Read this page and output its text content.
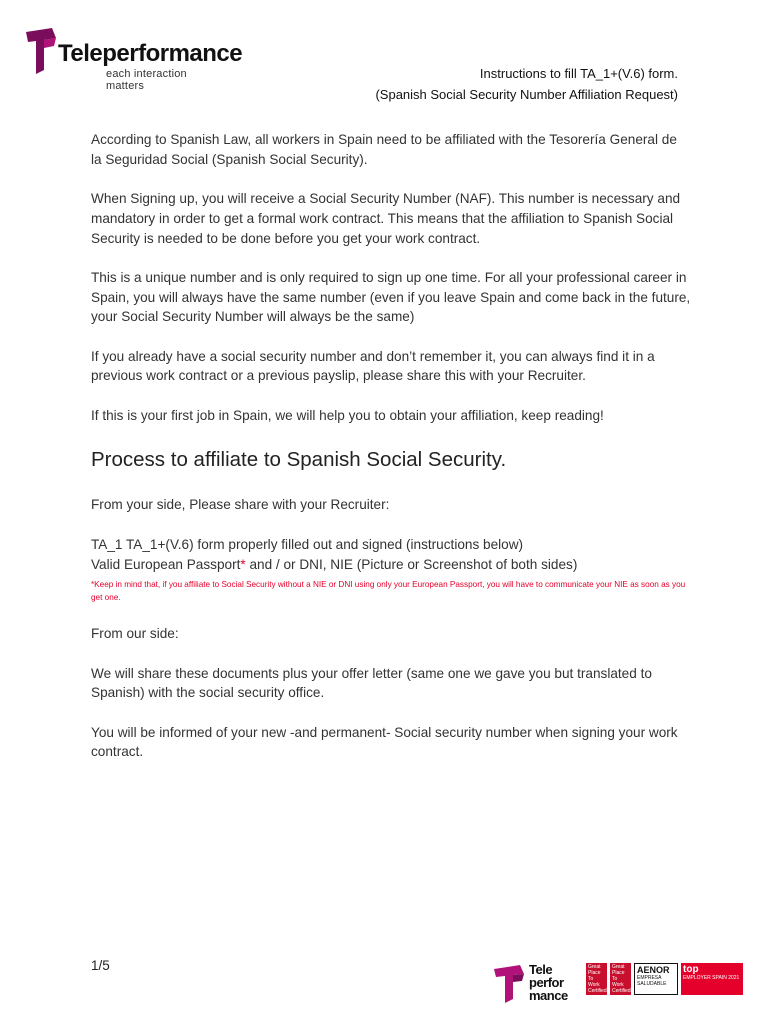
Teleperformance
each interaction matters
Instructions to fill TA_1+(V.6) form.
(Spanish Social Security Number Affiliation Request)

According to Spanish Law, all workers in Spain need to be affiliated with the Tesorería General de la Seguridad Social (Spanish Social Security).

When Signing up, you will receive a Social Security Number (NAF). This number is necessary and mandatory in order to get a formal work contract. This means that the affiliation to Spanish Social Security is needed to be done before you get your work contract.

This is a unique number and is only required to sign up one time. For all your professional career in Spain, you will always have the same number (even if you leave Spain and come back in the future, your Social Security Number will always be the same)

If you already have a social security number and don’t remember it, you can always find it in a previous work contract or a previous payslip, please share this with your Recruiter.

If this is your first job in Spain, we will help you to obtain your affiliation, keep reading!

Process to affiliate to Spanish Social Security.

From your side, Please share with your Recruiter:

TA_1 TA_1+(V.6) form properly filled out and signed (instructions below)

Valid European Passport* and / or DNI, NIE (Picture or Screenshot of both sides)

*Keep in mind that, if you affiliate to Social Security without a NIE or DNI using only your European Passport, you will have to communicate your NIE as soon as you get one.

From our side:

We will share these documents plus your offer letter (same one we gave you but translated to Spanish) with the social security office.

You will be informed of your new -and permanent- Social security number when signing your work contract.

1/5	Tele
perfor
mance
Great Place To Work Certified
Great Place To Work Certified
AENOR
EMPRESA SALUDABLE
top
EMPLOYER SPAIN 2021
